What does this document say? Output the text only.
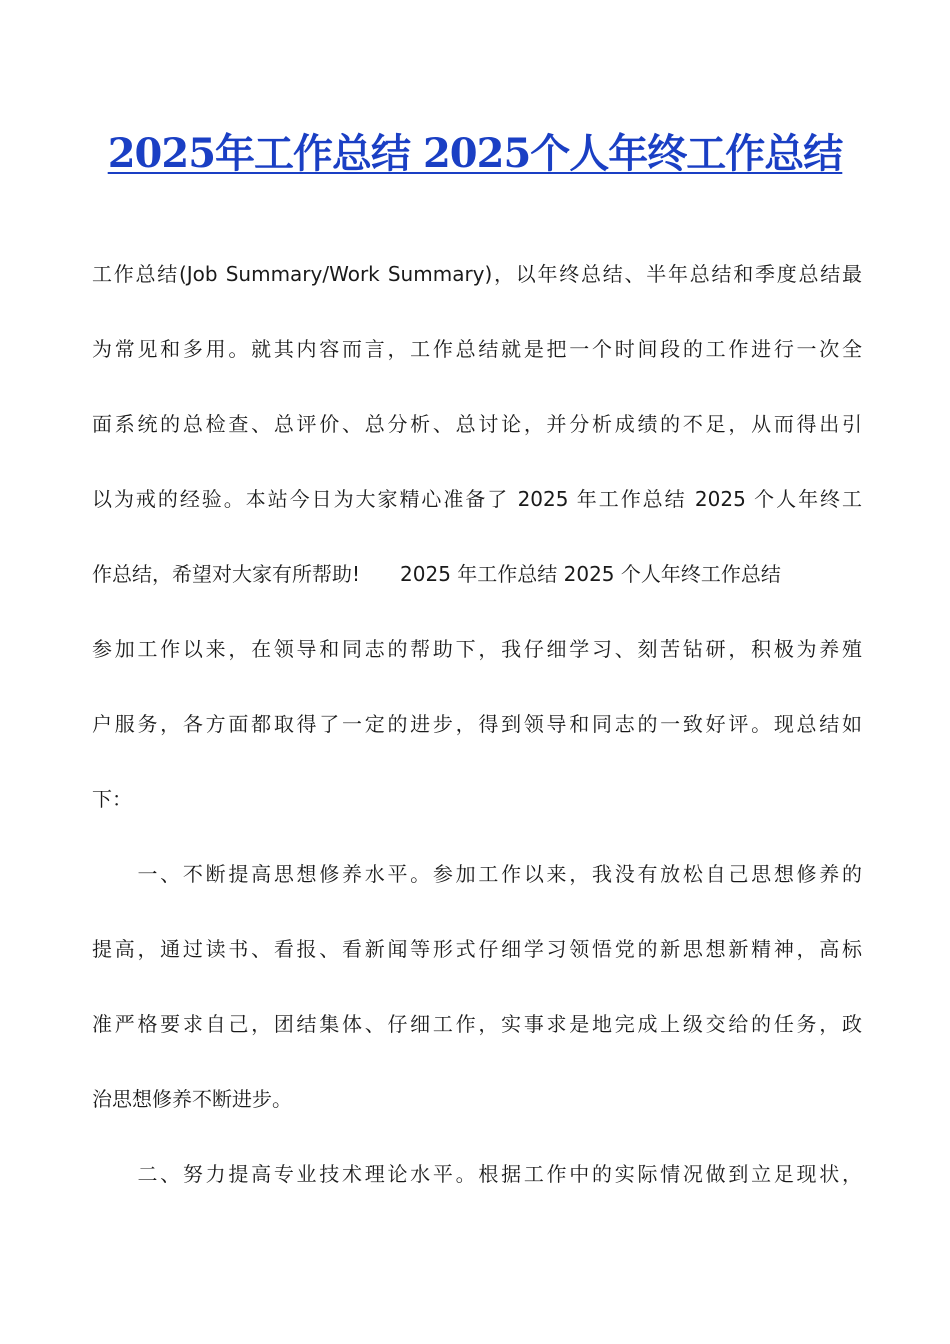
2025年工作总结 2025个人年终工作总结
工作总结(Job Summary/Work Summary)，以年终总结、半年总结和季度总结最
为常见和多用。就其内容而言，工作总结就是把一个时间段的工作进行一次全
面系统的总检查、总评价、总分析、总讨论，并分析成绩的不足，从而得出引
以为戒的经验。本站今日为大家精心准备了 2025 年工作总结 2025 个人年终工
作总结，希望对大家有所帮助!　　2025 年工作总结 2025 个人年终工作总结
参加工作以来，在领导和同志的帮助下，我仔细学习、刻苦钻研，积极为养殖
户服务，各方面都取得了一定的进步，得到领导和同志的一致好评。现总结如
下：
　　一、不断提高思想修养水平。参加工作以来，我没有放松自己思想修养的
提高，通过读书、看报、看新闻等形式仔细学习领悟党的新思想新精神，高标
准严格要求自己，团结集体、仔细工作，实事求是地完成上级交给的任务，政
治思想修养不断进步。
　　二、努力提高专业技术理论水平。根据工作中的实际情况做到立足现状，
